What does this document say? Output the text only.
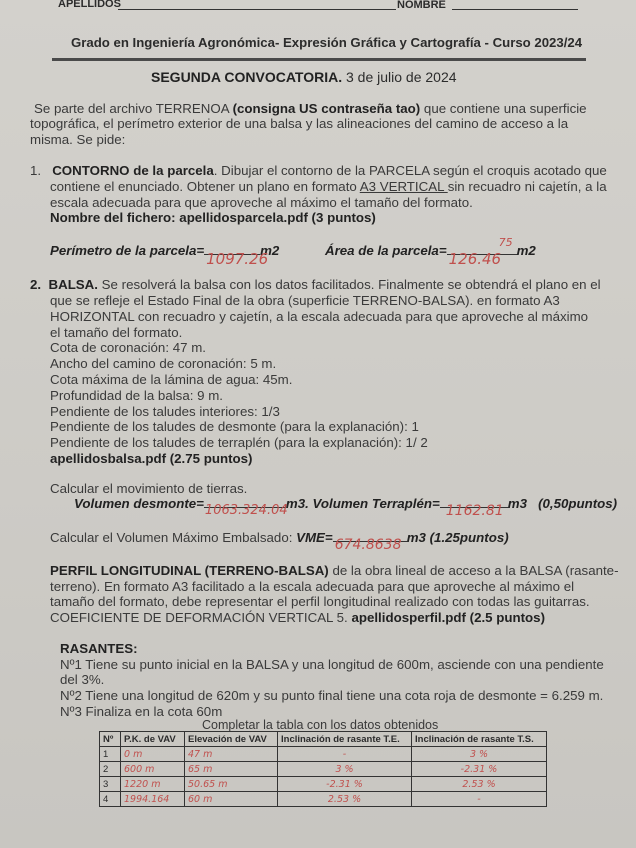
APELLIDOS	NOMBRE
Grado en Ingeniería Agronómica- Expresión Gráfica y Cartografía - Curso 2023/24
SEGUNDA CONVOCATORIA. 3 de julio de 2024
Se parte del archivo TERRENOA (consigna US contraseña tao) que contiene una superficie
topográfica, el perímetro exterior de una balsa y las alineaciones del camino de acceso a la
misma. Se pide:
1. CONTORNO de la parcela. Dibujar el contorno de la PARCELA según el croquis acotado que
contiene el enunciado. Obtener un plano en formato A3 VERTICAL sin recuadro ni cajetín, a la
escala adecuada para que aproveche al máximo el tamaño del formato.
Nombre del fichero: apellidosparcela.pdf (3 puntos)
Perímetro de la parcela= 1097.26
m2	Área de la parcela= 126.46
75
m2
2. BALSA. Se resolverá la balsa con los datos facilitados. Finalmente se obtendrá el plano en el
que se refleje el Estado Final de la obra (superficie TERRENO-BALSA). en formato A3
HORIZONTAL con recuadro y cajetín, a la escala adecuada para que aproveche al máximo
el tamaño del formato.
Cota de coronación: 47 m.
Ancho del camino de coronación: 5 m.
Cota máxima de la lámina de agua: 45m.
Profundidad de la balsa: 9 m.
Pendiente de los taludes interiores: 1/3
Pendiente de los taludes de desmonte (para la explanación): 1
Pendiente de los taludes de terraplén (para la explanación): 1/ 2
apellidosbalsa.pdf (2.75 puntos)
Calcular el movimiento de tierras.
Volumen desmonte= 1063.324.04
m3. Volumen Terraplén= 1162.81 m3 (0,50puntos)
Calcular el Volumen Máximo Embalsado: VME= 674.8638 m3 (1.25puntos)
PERFIL LONGITUDINAL (TERRENO-BALSA) de la obra lineal de acceso a la BALSA (rasante-
terreno). En formato A3 facilitado a la escala adecuada para que aproveche al máximo el
tamaño del formato, debe representar el perfil longitudinal realizado con todas las guitarras.
COEFICIENTE DE DEFORMACIÓN VERTICAL 5. apellidosperfil.pdf (2.5 puntos)
RASANTES:
Nº1 Tiene su punto inicial en la BALSA y una longitud de 600m, asciende con una pendiente
del 3%.
Nº2 Tiene una longitud de 620m y su punto final tiene una cota roja de desmonte = 6.259 m.
Nº3 Finaliza en la cota 60m
Completar la tabla con los datos obtenidos
Nº	P.K. de VAV	Elevación de VAV	Inclinación de rasante T.E.	Inclinación de rasante T.S.
1	0 m	47 m	-	3 %
2	600 m	65 m	3 %	-2.31 %
3	1220 m	50.65 m	-2.31 %	2.53 %
4	1994.164	60 m	2.53 %	-
